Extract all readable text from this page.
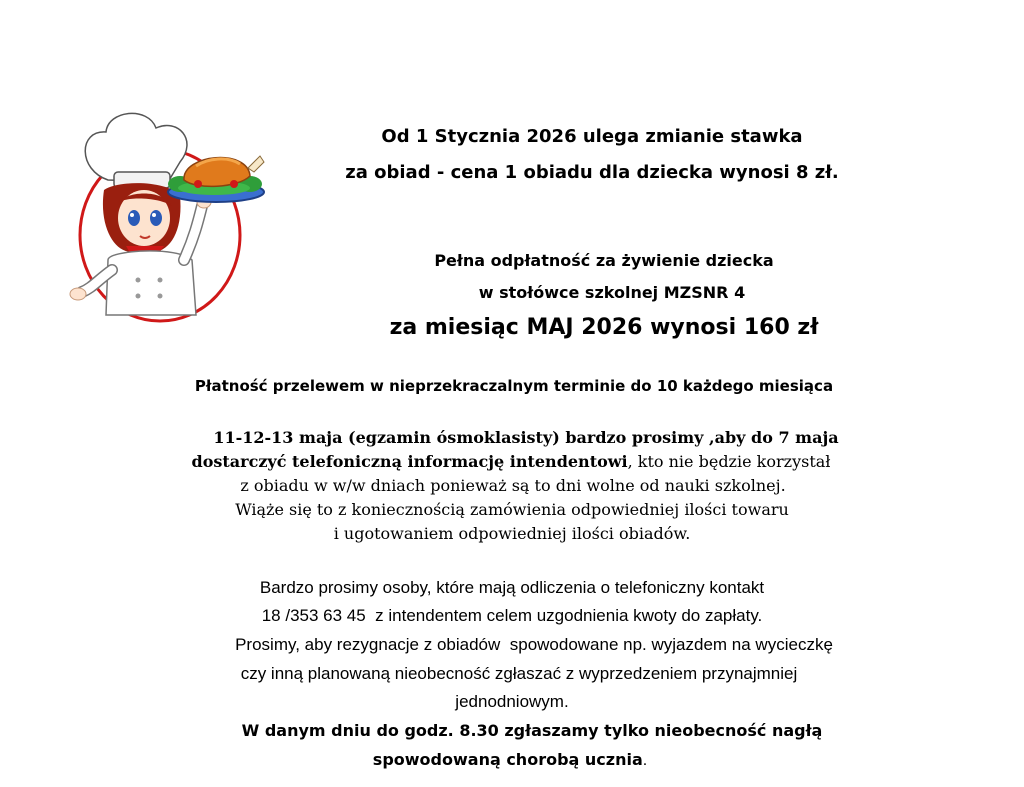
Od 1 Stycznia 2026 ulega zmianie stawka

za obiad - cena 1 obiadu dla dziecka wynosi 8 zł.

Pełna odpłatność za żywienie dziecka

w stołówce szkolnej MZSNR 4

za miesiąc MAJ 2026 wynosi 160 zł

Płatność przelewem w nieprzekraczalnym terminie do 10 każdego miesiąca

11-12-13 maja (egzamin ósmoklasisty) bardzo prosimy ,aby do 7 maja

dostarczyć telefoniczną informację intendentowi, kto nie będzie korzystał

z obiadu w w/w dniach ponieważ są to dni wolne od nauki szkolnej.

Wiąże się to z koniecznością zamówienia odpowiedniej ilości towaru

i ugotowaniem odpowiedniej ilości obiadów.

Bardzo prosimy osoby, które mają odliczenia o telefoniczny kontakt

18 /353 63 45  z intendentem celem uzgodnienia kwoty do zapłaty.

Prosimy, aby rezygnacje z obiadów  spowodowane np. wyjazdem na wycieczkę

czy inną planowaną nieobecność zgłaszać z wyprzedzeniem przynajmniej

jednodniowym.

W danym dniu do godz. 8.30 zgłaszamy tylko nieobecność nagłą

spowodowaną chorobą ucznia.
